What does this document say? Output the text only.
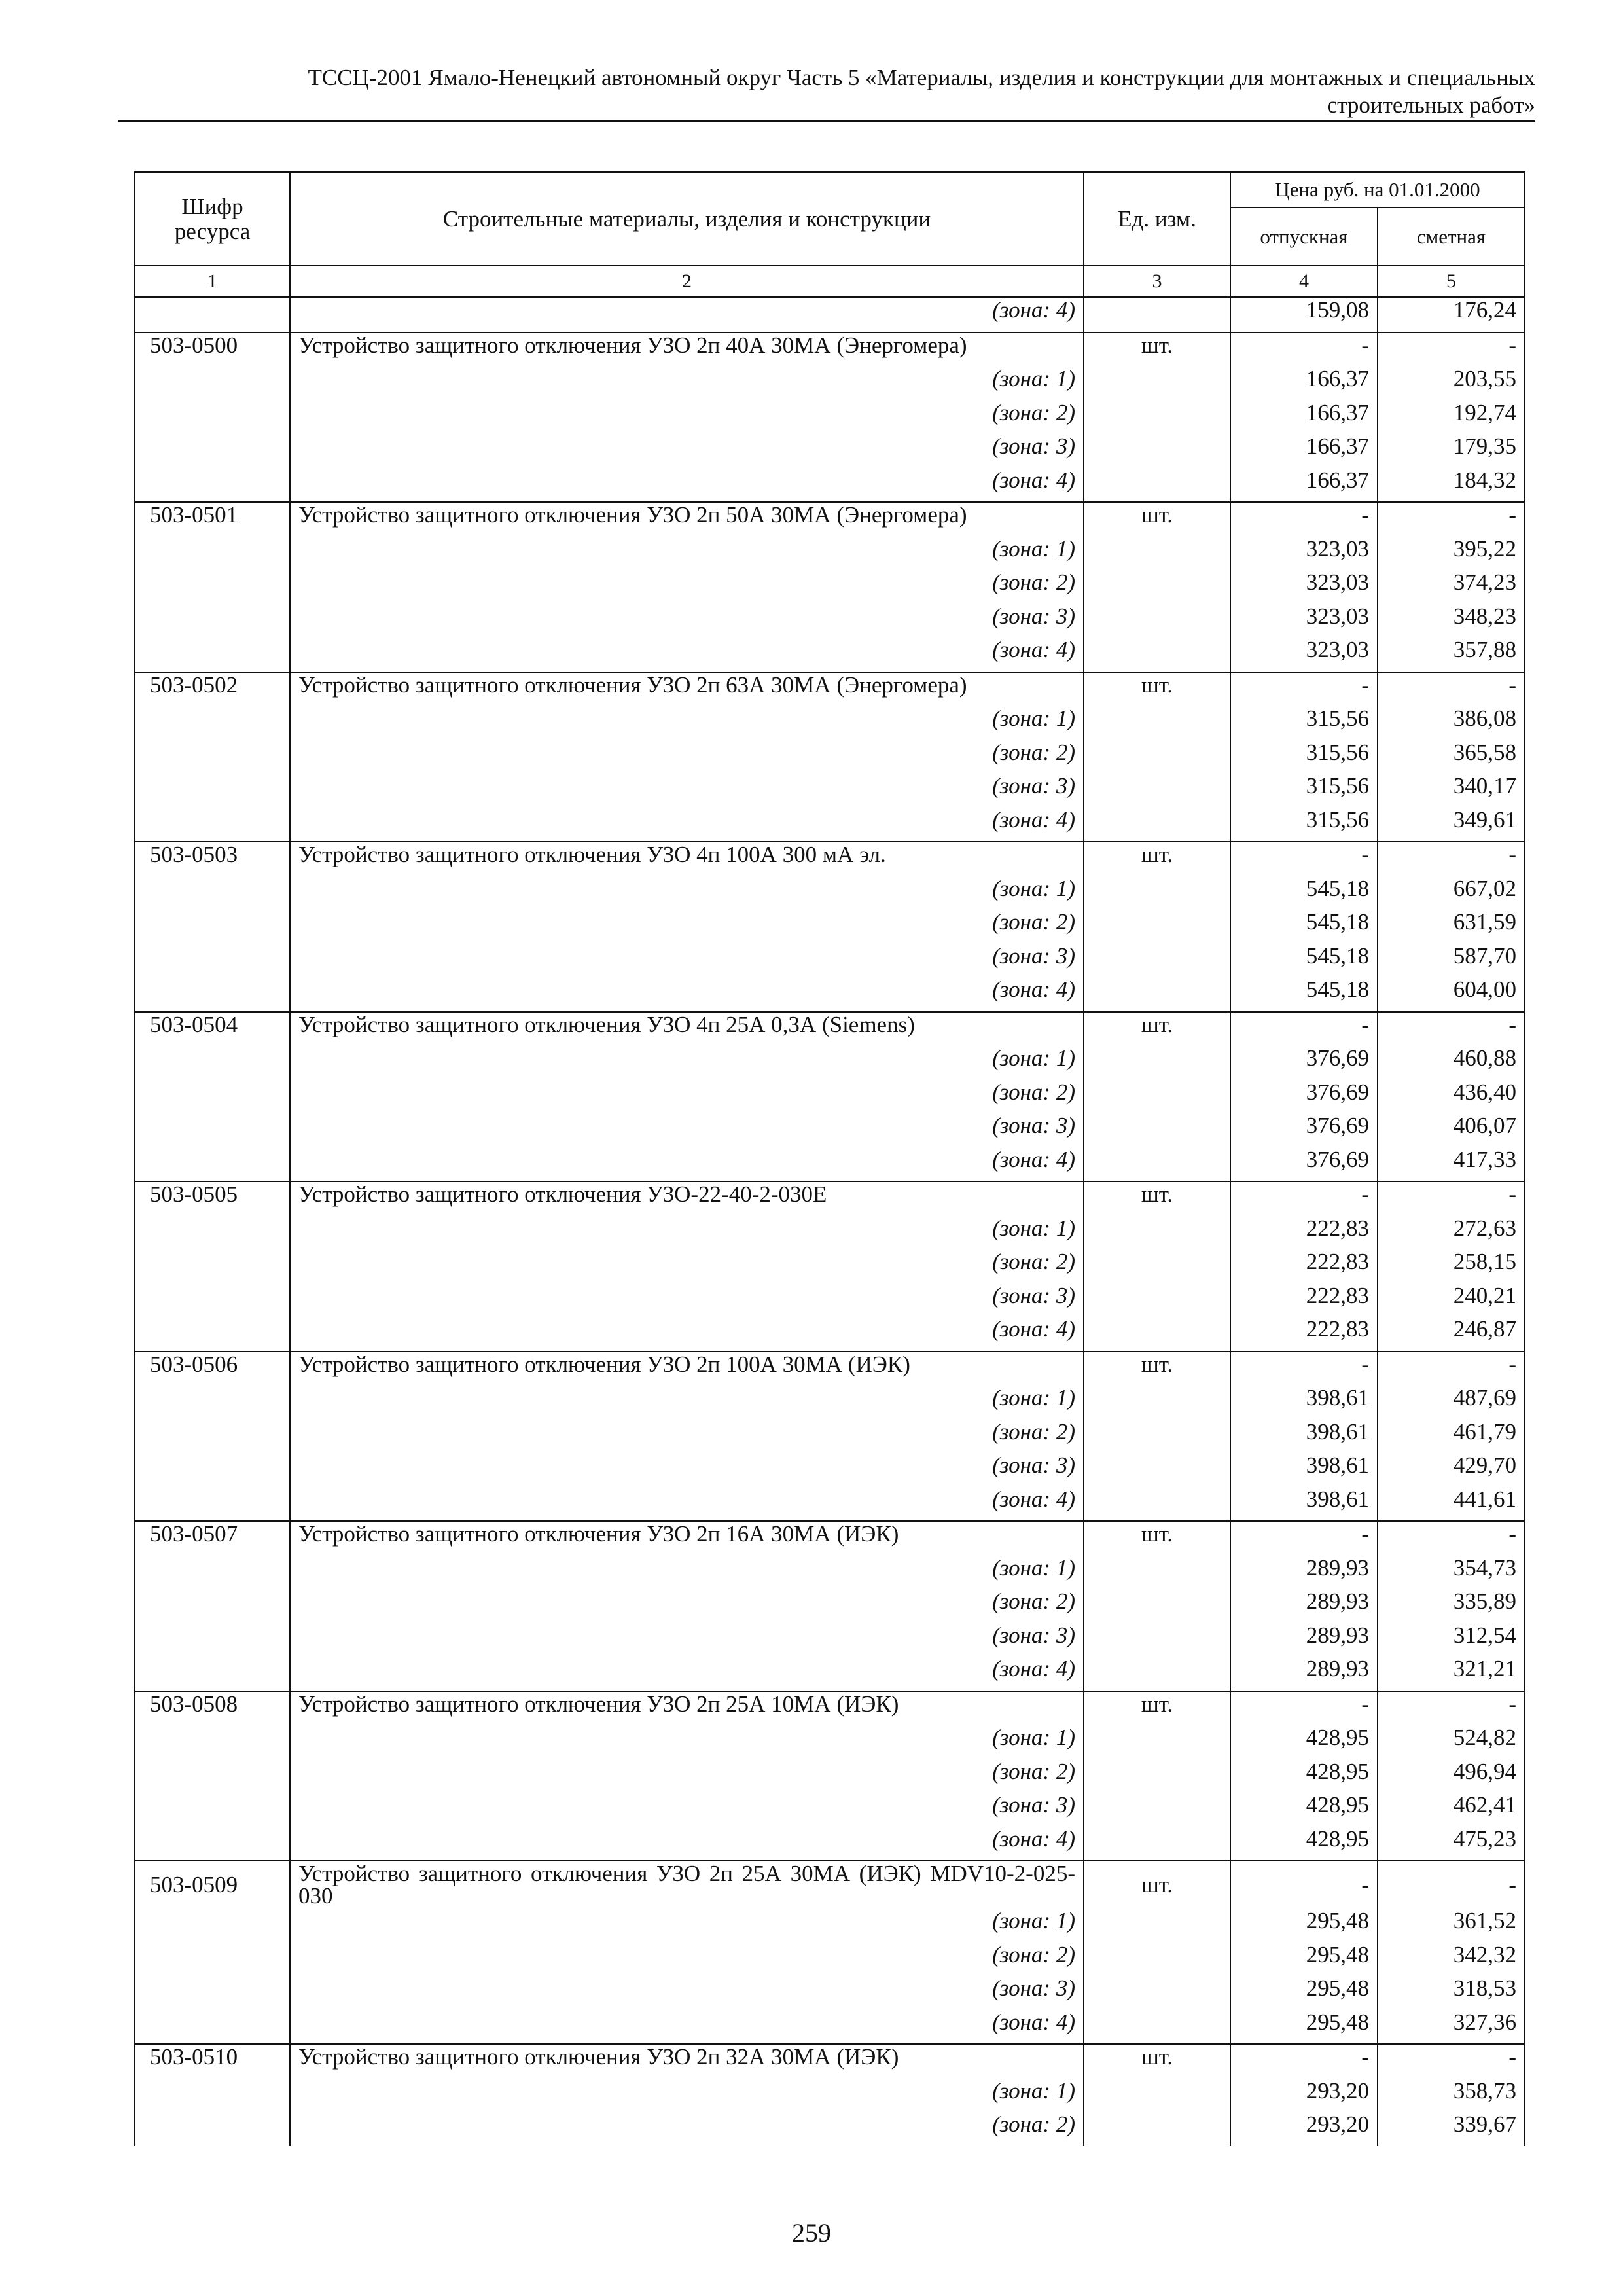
ТССЦ-2001 Ямало-Ненецкий автономный округ Часть 5 «Материалы, изделия и конструкции для монтажных и специальных
строительных работ»
Шифр ресурса	Строительные материалы, изделия и конструкции	Ед. изм.	Цена руб. на 01.01.2000	
			отпускная	сметная
1	2	3	4	5
	(зона: 4)		159,08	176,24
503-0500	Устройство защитного отключения УЗО 2п 40А 30МА (Энергомера)	шт.	-	-
	(зона: 1)		166,37	203,55
	(зона: 2)		166,37	192,74
	(зона: 3)		166,37	179,35
	(зона: 4)		166,37	184,32
503-0501	Устройство защитного отключения УЗО 2п 50А 30МА (Энергомера)	шт.	-	-
	(зона: 1)		323,03	395,22
	(зона: 2)		323,03	374,23
	(зона: 3)		323,03	348,23
	(зона: 4)		323,03	357,88
503-0502	Устройство защитного отключения УЗО 2п 63А 30МА (Энергомера)	шт.	-	-
	(зона: 1)		315,56	386,08
	(зона: 2)		315,56	365,58
	(зона: 3)		315,56	340,17
	(зона: 4)		315,56	349,61
503-0503	Устройство защитного отключения УЗО 4п 100А 300 мА эл.	шт.	-	-
	(зона: 1)		545,18	667,02
	(зона: 2)		545,18	631,59
	(зона: 3)		545,18	587,70
	(зона: 4)		545,18	604,00
503-0504	Устройство защитного отключения УЗО 4п 25А 0,3А (Siemens)	шт.	-	-
	(зона: 1)		376,69	460,88
	(зона: 2)		376,69	436,40
	(зона: 3)		376,69	406,07
	(зона: 4)		376,69	417,33
503-0505	Устройство защитного отключения УЗО-22-40-2-030Е	шт.	-	-
	(зона: 1)		222,83	272,63
	(зона: 2)		222,83	258,15
	(зона: 3)		222,83	240,21
	(зона: 4)		222,83	246,87
503-0506	Устройство защитного отключения УЗО 2п 100А 30МА (ИЭК)	шт.	-	-
	(зона: 1)		398,61	487,69
	(зона: 2)		398,61	461,79
	(зона: 3)		398,61	429,70
	(зона: 4)		398,61	441,61
503-0507	Устройство защитного отключения УЗО 2п 16А 30МА (ИЭК)	шт.	-	-
	(зона: 1)		289,93	354,73
	(зона: 2)		289,93	335,89
	(зона: 3)		289,93	312,54
	(зона: 4)		289,93	321,21
503-0508	Устройство защитного отключения УЗО 2п 25А 10МА (ИЭК)	шт.	-	-
	(зона: 1)		428,95	524,82
	(зона: 2)		428,95	496,94
	(зона: 3)		428,95	462,41
	(зона: 4)		428,95	475,23
503-0509	Устройство защитного отключения УЗО 2п 25А 30МА (ИЭК) MDV10-2-025-030	шт.	-	-
	(зона: 1)		295,48	361,52
	(зона: 2)		295,48	342,32
	(зона: 3)		295,48	318,53
	(зона: 4)		295,48	327,36
503-0510	Устройство защитного отключения УЗО 2п 32А 30МА (ИЭК)	шт.	-	-
	(зона: 1)		293,20	358,73
	(зона: 2)		293,20	339,67
259
